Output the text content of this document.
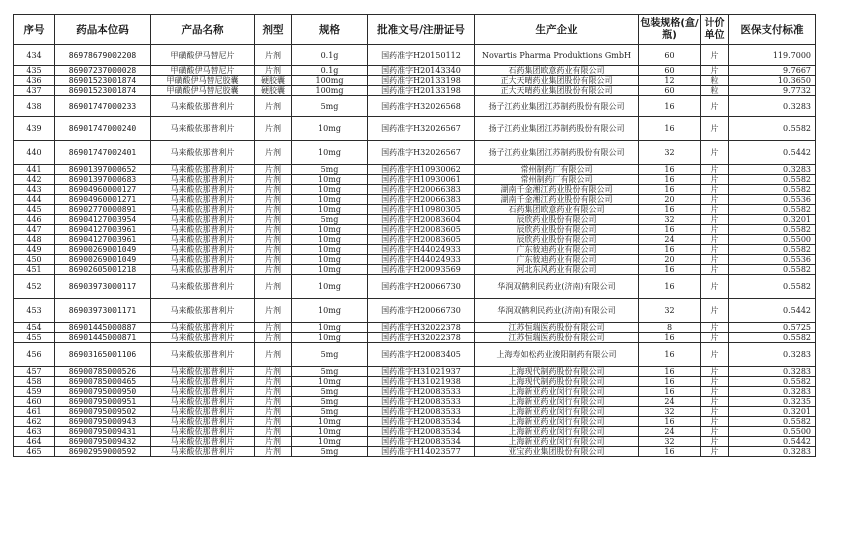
序号	药品本位码	产品名称	剂型	规格	批准文号/注册证号	生产企业	包装规格(盒/瓶)	计价单位	医保支付标准
434	86978679002208	甲磺酸伊马替尼片	片剂	0.1g	国药准字H20150112	Novartis Pharma Produktions GmbH	60	片	119.7000
435	86907237000028	甲磺酸伊马替尼片	片剂	0.1g	国药准字H20143340	石药集团欧意药业有限公司	60	片	9.7667
436	86901523001874	甲磺酸伊马替尼胶囊	硬胶囊	100mg	国药准字H20133198	正大天晴药业集团股份有限公司	12	粒	10.3650
437	86901523001874	甲磺酸伊马替尼胶囊	硬胶囊	100mg	国药准字H20133198	正大天晴药业集团股份有限公司	60	粒	9.7732
438	86901747000233	马来酸依那普利片	片剂	5mg	国药准字H32026568	扬子江药业集团江苏制药股份有限公司	16	片	0.3283
439	86901747000240	马来酸依那普利片	片剂	10mg	国药准字H32026567	扬子江药业集团江苏制药股份有限公司	16	片	0.5582
440	86901747002401	马来酸依那普利片	片剂	10mg	国药准字H32026567	扬子江药业集团江苏制药股份有限公司	32	片	0.5442
441	86901397000652	马来酸依那普利片	片剂	5mg	国药准字H10930062	常州制药厂有限公司	16	片	0.3283
442	86901397000683	马来酸依那普利片	片剂	10mg	国药准字H10930061	常州制药厂有限公司	16	片	0.5582
443	86904960000127	马来酸依那普利片	片剂	10mg	国药准字H20066383	湖南千金湘江药业股份有限公司	16	片	0.5582
444	86904960001271	马来酸依那普利片	片剂	10mg	国药准字H20066383	湖南千金湘江药业股份有限公司	20	片	0.5536
445	86902770000891	马来酸依那普利片	片剂	10mg	国药准字H10980305	石药集团欧意药业有限公司	16	片	0.5582
446	86904127003954	马来酸依那普利片	片剂	5mg	国药准字H20083604	辰欣药业股份有限公司	32	片	0.3201
447	86904127003961	马来酸依那普利片	片剂	10mg	国药准字H20083605	辰欣药业股份有限公司	16	片	0.5582
448	86904127003961	马来酸依那普利片	片剂	10mg	国药准字H20083605	辰欣药业股份有限公司	24	片	0.5500
449	86900269001049	马来酸依那普利片	片剂	10mg	国药准字H44024933	广东彼迪药业有限公司	16	片	0.5582
450	86900269001049	马来酸依那普利片	片剂	10mg	国药准字H44024933	广东彼迪药业有限公司	20	片	0.5536
451	86902605001218	马来酸依那普利片	片剂	10mg	国药准字H20093569	河北东风药业有限公司	16	片	0.5582
452	86903973000117	马来酸依那普利片	片剂	10mg	国药准字H20066730	华润双鹤利民药业(济南)有限公司	16	片	0.5582
453	86903973001171	马来酸依那普利片	片剂	10mg	国药准字H20066730	华润双鹤利民药业(济南)有限公司	32	片	0.5442
454	86901445000887	马来酸依那普利片	片剂	10mg	国药准字H32022378	江苏恒瑞医药股份有限公司	8	片	0.5725
455	86901445000871	马来酸依那普利片	片剂	10mg	国药准字H32022378	江苏恒瑞医药股份有限公司	16	片	0.5582
456	86903165001106	马来酸依那普利片	片剂	5mg	国药准字H20083405	上海寿如松药业浚阳制药有限公司	16	片	0.3283
457	86900785000526	马来酸依那普利片	片剂	5mg	国药准字H31021937	上海现代制药股份有限公司	16	片	0.3283
458	86900785000465	马来酸依那普利片	片剂	10mg	国药准字H31021938	上海现代制药股份有限公司	16	片	0.5582
459	86900795000950	马来酸依那普利片	片剂	5mg	国药准字H20083533	上海新亚药业闵行有限公司	16	片	0.3283
460	86900795000951	马来酸依那普利片	片剂	5mg	国药准字H20083533	上海新亚药业闵行有限公司	24	片	0.3235
461	86900795009502	马来酸依那普利片	片剂	5mg	国药准字H20083533	上海新亚药业闵行有限公司	32	片	0.3201
462	86900795000943	马来酸依那普利片	片剂	10mg	国药准字H20083534	上海新亚药业闵行有限公司	16	片	0.5582
463	86900795009431	马来酸依那普利片	片剂	10mg	国药准字H20083534	上海新亚药业闵行有限公司	24	片	0.5500
464	86900795009432	马来酸依那普利片	片剂	10mg	国药准字H20083534	上海新亚药业闵行有限公司	32	片	0.5442
465	86902959000592	马来酸依那普利片	片剂	5mg	国药准字H14023577	亚宝药业集团股份有限公司	16	片	0.3283
